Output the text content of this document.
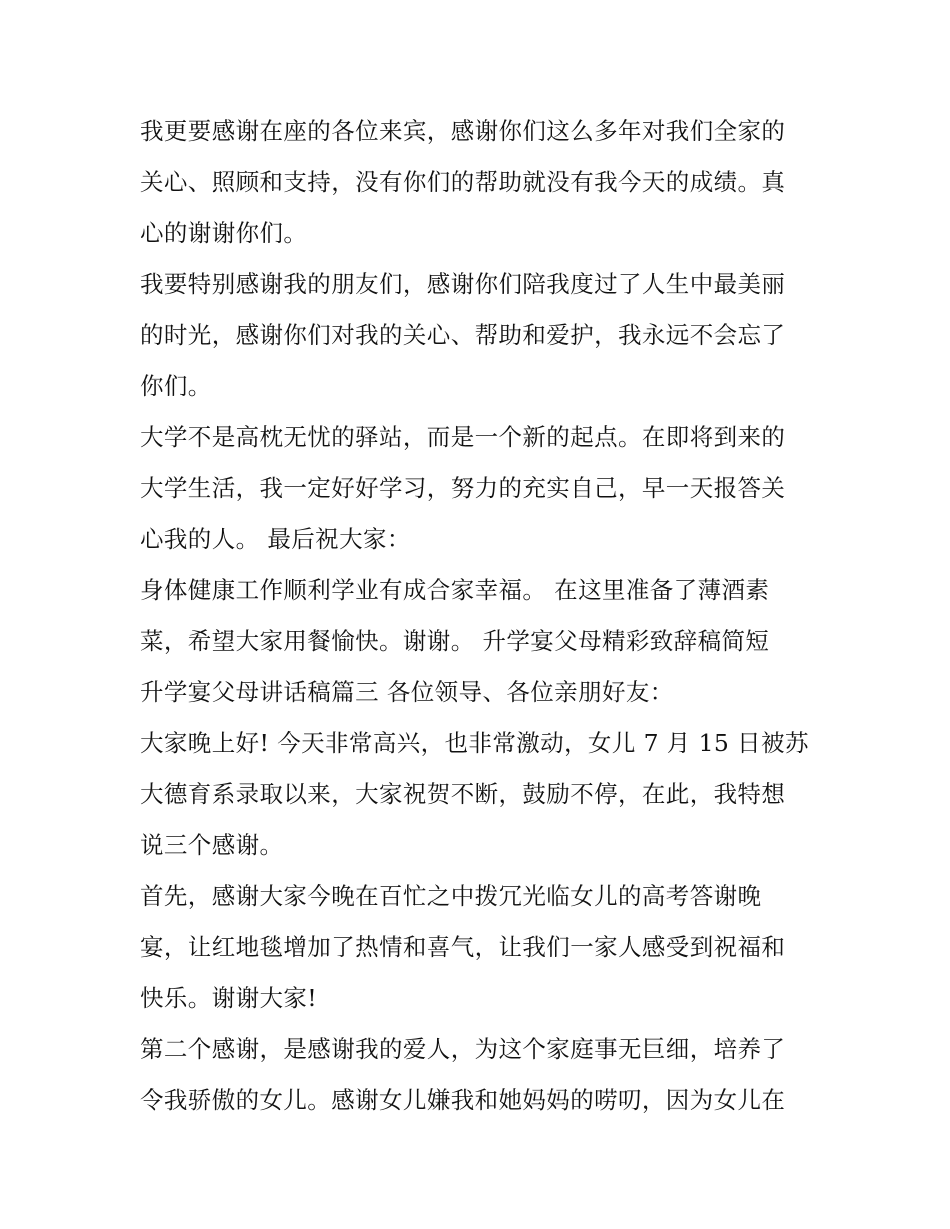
我更要感谢在座的各位来宾，感谢你们这么多年对我们全家的
关心、照顾和支持，没有你们的帮助就没有我今天的成绩。真
心的谢谢你们。
我要特别感谢我的朋友们，感谢你们陪我度过了人生中最美丽
的时光，感谢你们对我的关心、帮助和爱护，我永远不会忘了
你们。
大学不是高枕无忧的驿站，而是一个新的起点。在即将到来的
大学生活，我一定好好学习，努力的充实自己，早一天报答关
心我的人。 最后祝大家：
身体健康工作顺利学业有成合家幸福。 在这里准备了薄酒素
菜，希望大家用餐愉快。谢谢。 升学宴父母精彩致辞稿简短
升学宴父母讲话稿篇三 各位领导、各位亲朋好友：
大家晚上好! 今天非常高兴，也非常激动，女儿 7 月 15 日被苏
大德育系录取以来，大家祝贺不断，鼓励不停，在此，我特想
说三个感谢。
首先，感谢大家今晚在百忙之中拨冗光临女儿的高考答谢晚
宴，让红地毯增加了热情和喜气，让我们一家人感受到祝福和
快乐。谢谢大家!
第二个感谢，是感谢我的爱人，为这个家庭事无巨细，培养了
令我骄傲的女儿。感谢女儿嫌我和她妈妈的唠叨，因为女儿在
